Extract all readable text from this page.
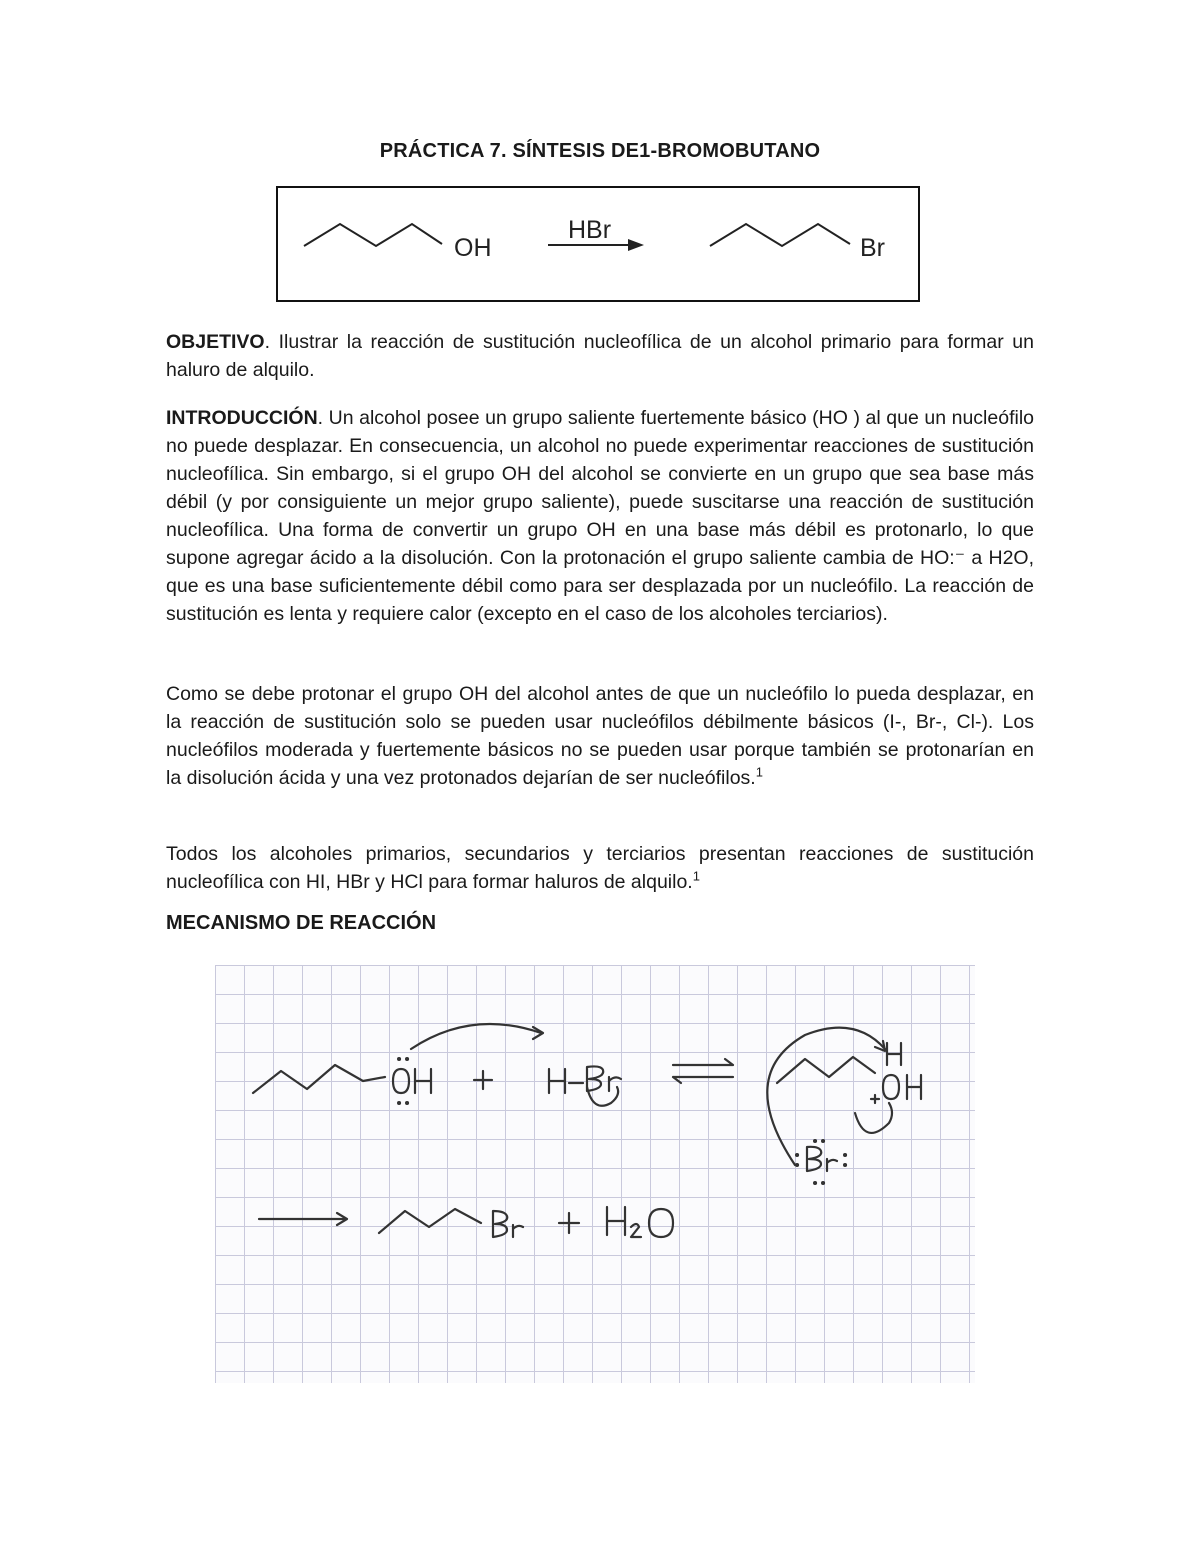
PRÁCTICA 7. SÍNTESIS DE1-BROMOBUTANO
OH
HBr
Br
OBJETIVO. Ilustrar la reacción de sustitución nucleofílica de un alcohol primario para formar un haluro de alquilo.
INTRODUCCIÓN. Un alcohol posee un grupo saliente fuertemente básico (HO ) al que un nucleófilo no puede desplazar. En consecuencia, un alcohol no puede experimentar reacciones de sustitución nucleofílica. Sin embargo, si el grupo OH del alcohol se convierte en un grupo que sea base más débil (y por consiguiente un mejor grupo saliente), puede suscitarse una reacción de sustitución nucleofílica. Una forma de convertir un grupo OH en una base más débil es protonarlo, lo que supone agregar ácido a la disolución. Con la protonación el grupo saliente cambia de HO:⁻ a H2O, que es una base suficientemente débil como para ser desplazada por un nucleófilo. La reacción de sustitución es lenta y requiere calor (excepto en el caso de los alcoholes terciarios).
Como se debe protonar el grupo OH del alcohol antes de que un nucleófilo lo pueda desplazar, en la reacción de sustitución solo se pueden usar nucleófilos débilmente básicos (I-, Br-, Cl-). Los nucleófilos moderada y fuertemente básicos no se pueden usar porque también se protonarían en la disolución ácida y una vez protonados dejarían de ser nucleófilos.$^1$
Todos los alcoholes primarios, secundarios y terciarios presentan reacciones de sustitución nucleofílica con HI, HBr y HCl para formar haluros de alquilo.$^1$
MECANISMO DE REACCIÓN
